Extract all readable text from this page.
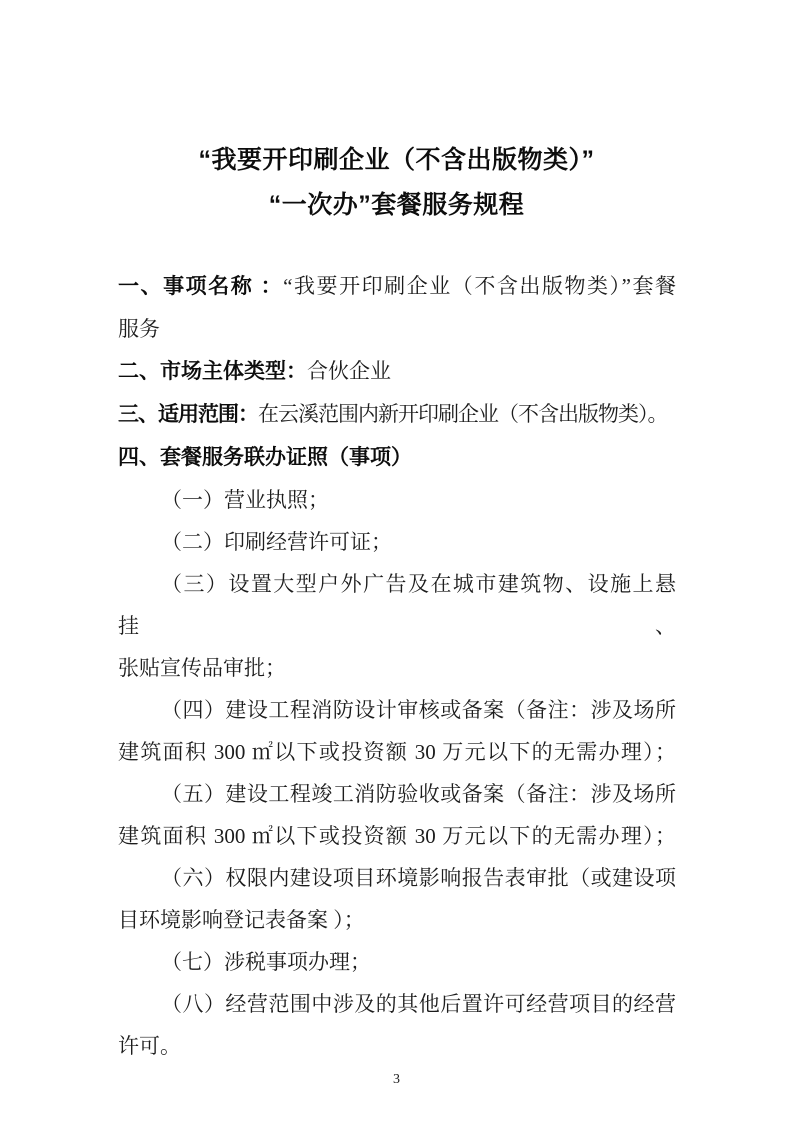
“我要开印刷企业（不含出版物类）”
“一次办”套餐服务规程
一、事项名称 ：“我要开印刷企业（不含出版物类）”套餐
服务
二、市场主体类型：合伙企业
三、适用范围：在云溪范围内新开印刷企业（不含出版物类）。
四、套餐服务联办证照（事项）
（一）营业执照；
（二）印刷经营许可证；
（三）设置大型户外广告及在城市建筑物、设施上悬挂、
张贴宣传品审批；
（四）建设工程消防设计审核或备案（备注：涉及场所
建筑面积 300 ㎡以下或投资额 30 万元以下的无需办理）；
（五）建设工程竣工消防验收或备案（备注：涉及场所
建筑面积 300 ㎡以下或投资额 30 万元以下的无需办理）；
（六）权限内建设项目环境影响报告表审批（或建设项
目环境影响登记表备案 ）；
（七）涉税事项办理；
（八）经营范围中涉及的其他后置许可经营项目的经营
许可。
3
